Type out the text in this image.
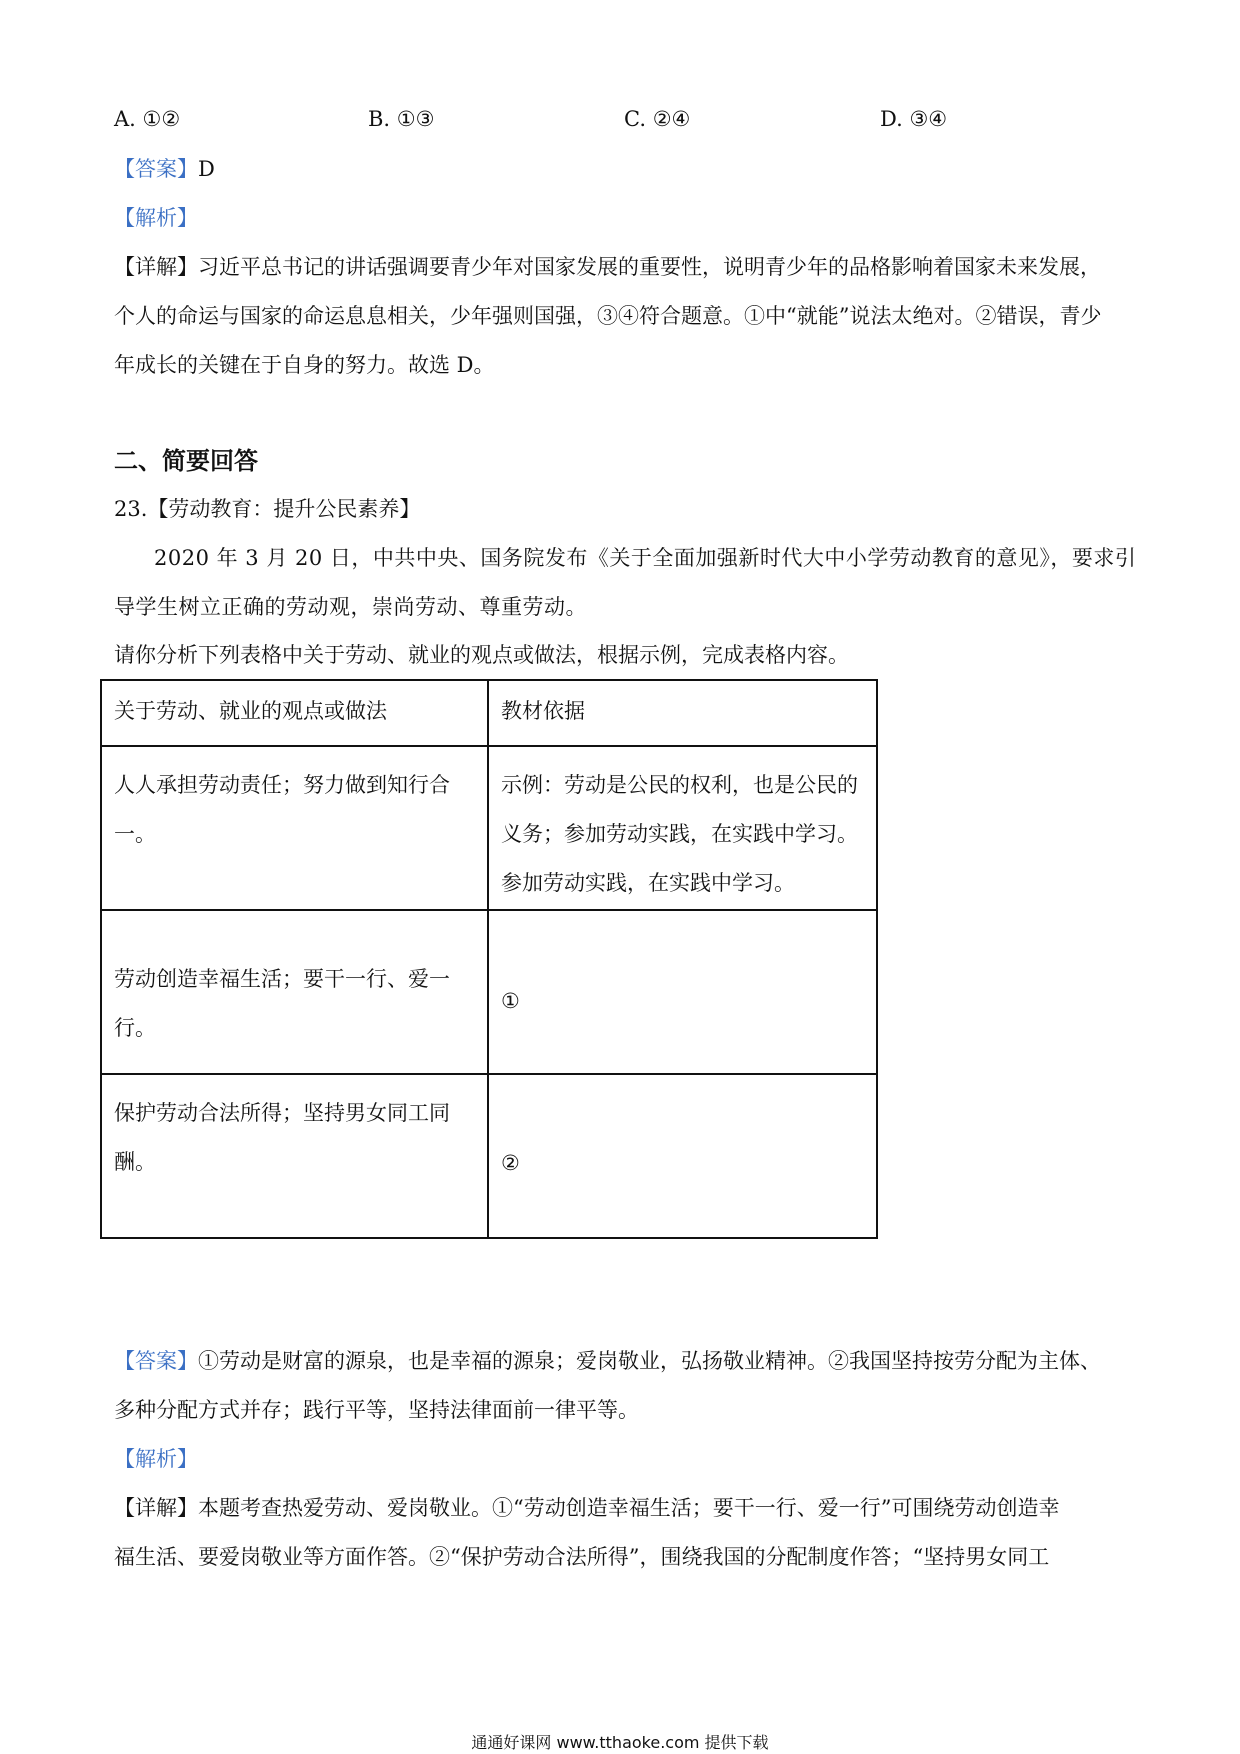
A. ①②	B. ①③	C. ②④	D. ③④
【答案】D
【解析】
【详解】习近平总书记的讲话强调要青少年对国家发展的重要性，说明青少年的品格影响着国家未来发展，
个人的命运与国家的命运息息相关，少年强则国强，③④符合题意。①中“就能”说法太绝对。②错误，青少
年成长的关键在于自身的努力。故选 D。
二、简要回答
23.【劳动教育：提升公民素养】
2020 年 3 月 20 日，中共中央、国务院发布《关于全面加强新时代大中小学劳动教育的意见》，要求引
导学生树立正确的劳动观，崇尚劳动、尊重劳动。
请你分析下列表格中关于劳动、就业的观点或做法，根据示例，完成表格内容。
关于劳动、就业的观点或做法	教材依据
人人承担劳动责任；努力做到知行合一。	示例：劳动是公民的权利，也是公民的义务；参加劳动实践，在实践中学习。参加劳动实践，在实践中学习。
劳动创造幸福生活；要干一行、爱一行。	①
保护劳动合法所得；坚持男女同工同酬。	②
【答案】①劳动是财富的源泉，也是幸福的源泉；爱岗敬业，弘扬敬业精神。②我国坚持按劳分配为主体、
多种分配方式并存；践行平等，坚持法律面前一律平等。
【解析】
【详解】本题考查热爱劳动、爱岗敬业。①“劳动创造幸福生活；要干一行、爱一行”可围绕劳动创造幸
福生活、要爱岗敬业等方面作答。②“保护劳动合法所得”，围绕我国的分配制度作答；“坚持男女同工
通通好课网 www.tthaoke.com 提供下载
